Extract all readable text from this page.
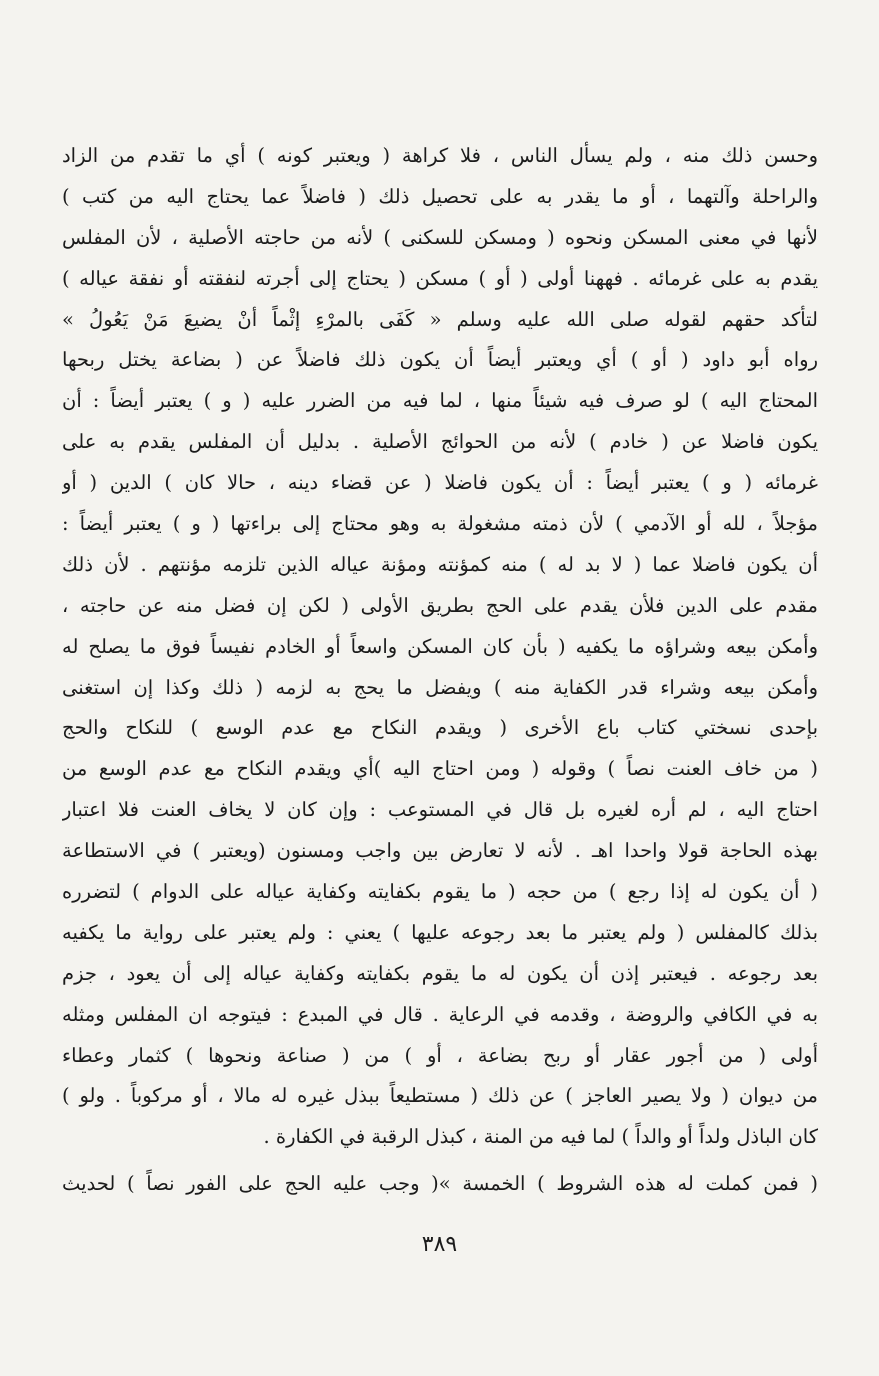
وحسن ذلك منه ، ولم يسأل الناس ، فلا كراهة ( ويعتبر كونه ) أي ما تقدم من الزاد
والراحلة وآلتهما ، أو ما يقدر به على تحصيل ذلك ( فاضلاً عما يحتاج اليه من كتب )
لأنها في معنى المسكن ونحوه ( ومسكن للسكنى ) لأنه من حاجته الأصلية ، لأن المفلس
يقدم به على غرمائه . فههنا أولى ( أو ) مسكن ( يحتاج إلى أجرته لنفقته أو نفقة عياله )
لتأكد حقهم لقوله صلى الله عليه وسلم « كَفَى بالمرْءِ إثْماً أنْ يضيعَ مَنْ يَعُولُ »
رواه أبو داود ( أو ) أي ويعتبر أيضاً أن يكون ذلك فاضلاً عن ( بضاعة يختل ربحها
المحتاج اليه ) لو صرف فيه شيئاً منها ، لما فيه من الضرر عليه ( و ) يعتبر أيضاً : أن
يكون فاضلا عن ( خادم ) لأنه من الحوائج الأصلية . بدليل أن المفلس يقدم به على
غرمائه ( و ) يعتبر أيضاً : أن يكون فاضلا ( عن قضاء دينه ، حالا كان ) الدين ( أو
مؤجلاً ، لله أو الآدمي ) لأن ذمته مشغولة به وهو محتاج إلى براءتها ( و ) يعتبر أيضاً :
أن يكون فاضلا عما ( لا بد له ) منه كمؤنته ومؤنة عياله الذين تلزمه مؤنتهم . لأن ذلك
مقدم على الدين فلأن يقدم على الحج بطريق الأولى ( لكن إن فضل منه عن حاجته ،
وأمكن بيعه وشراؤه ما يكفيه ( بأن كان المسكن واسعاً أو الخادم نفيساً فوق ما يصلح له
وأمكن بيعه وشراء قدر الكفاية منه ) ويفضل ما يحج به لزمه ( ذلك وكذا إن استغنى
بإحدى نسختي كتاب باع الأخرى ( ويقدم النكاح مع عدم الوسع ) للنكاح والحج
( من خاف العنت نصاً ) وقوله ( ومن احتاج اليه )أي ويقدم النكاح مع عدم الوسع من
احتاج اليه ، لم أره لغيره بل قال في المستوعب : وإن كان لا يخاف العنت فلا اعتبار
بهذه الحاجة قولا واحدا اهـ . لأنه لا تعارض بين واجب ومسنون (ويعتبر ) في الاستطاعة
( أن يكون له إذا رجع ) من حجه ( ما يقوم بكفايته وكفاية عياله على الدوام ) لتضرره
بذلك كالمفلس ( ولم يعتبر ما بعد رجوعه عليها ) يعني : ولم يعتبر على رواية ما يكفيه
بعد رجوعه . فيعتبر إذن أن يكون له ما يقوم بكفايته وكفاية عياله إلى أن يعود ، جزم
به في الكافي والروضة ، وقدمه في الرعاية . قال في المبدع : فيتوجه ان المفلس ومثله
أولى ( من أجور عقار أو ربح بضاعة ، أو ) من ( صناعة ونحوها ) كثمار وعطاء
من ديوان ( ولا يصير العاجز ) عن ذلك ( مستطيعاً ببذل غيره له مالا ، أو مركوباً . ولو )
كان الباذل ولداً أو والداً ) لما فيه من المنة ، كبذل الرقبة في الكفارة .
( فمن كملت له هذه الشروط ) الخمسة »( وجب عليه الحج على الفور نصاً ) لحديث
٣٨٩
